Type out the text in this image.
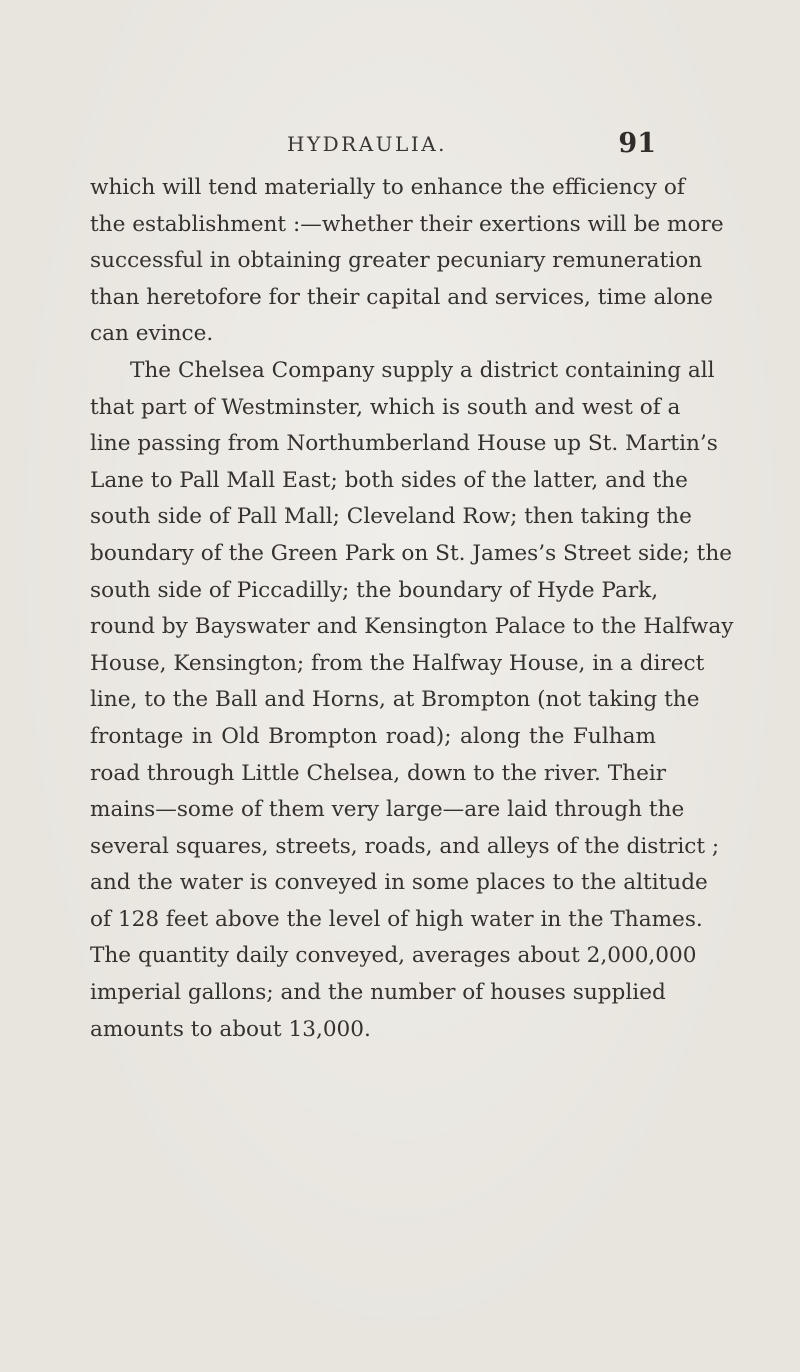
HYDRAULIA.	91
which will tend materially to enhance the efficiency of
the establishment :—whether their exertions will be more
successful in obtaining greater pecuniary remuneration
than heretofore for their capital and services, time alone
can evince.
The Chelsea Company supply a district containing all
that part of Westminster, which is south and west of a
line passing from Northumberland House up St. Martin’s
Lane to Pall Mall East; both sides of the latter, and the
south side of Pall Mall; Cleveland Row; then taking the
boundary of the Green Park on St. James’s Street side; the
south side of Piccadilly; the boundary of Hyde Park,
round by Bayswater and Kensington Palace to the Halfway
House, Kensington; from the Halfway House, in a direct
line, to the Ball and Horns, at Brompton (not taking the
frontage in Old Brompton road); along the Fulham
road through Little Chelsea, down to the river. Their
mains—some of them very large—are laid through the
several squares, streets, roads, and alleys of the district ;
and the water is conveyed in some places to the altitude
of 128 feet above the level of high water in the Thames.
The quantity daily conveyed, averages about 2,000,000
imperial gallons; and the number of houses supplied
amounts to about 13,000.
